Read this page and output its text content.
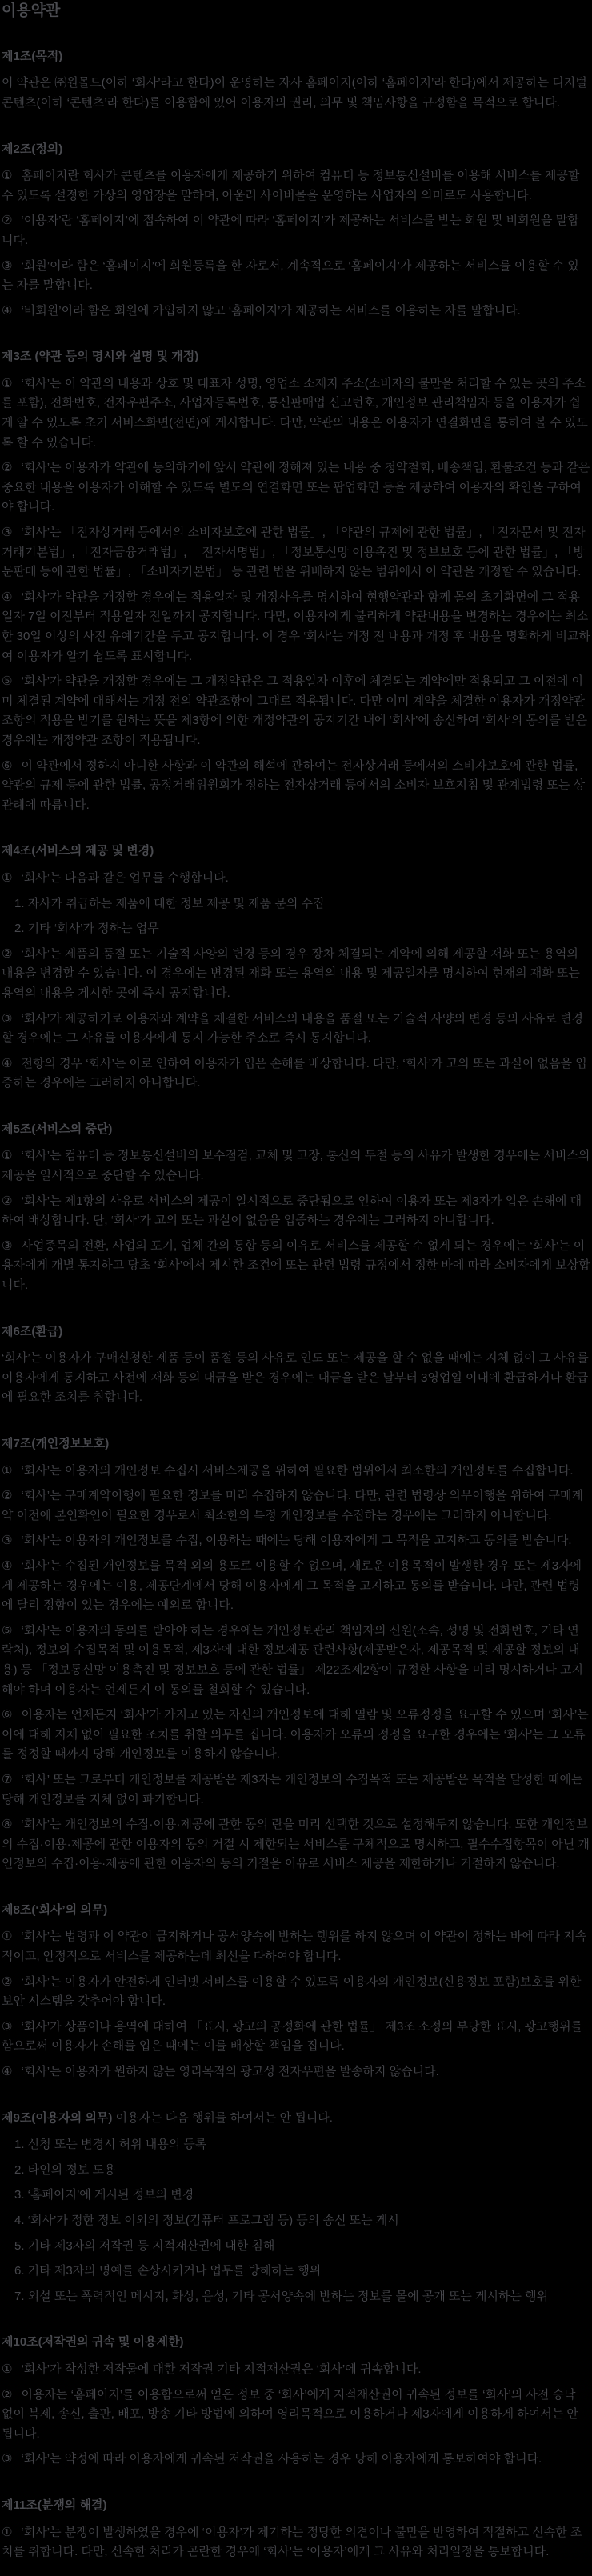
이용약관
제1조(목적)

이 약관은 ㈜원몰드(이하 ‘회사’라고 한다)이 운영하는 자사 홈페이지(이하 ‘홈페이지’라 한다)에서 제공하는 디지털 콘텐츠(이하 ‘콘텐츠’라 한다)를 이용함에 있어 이용자의 권리, 의무 및 책임사항을 규정함을 목적으로 합니다.

제2조(정의)

① 홈페이지란 회사가 콘텐츠를 이용자에게 제공하기 위하여 컴퓨터 등 정보통신설비를 이용해 서비스를 제공할 수 있도록 설정한 가상의 영업장을 말하며, 아울러 사이버몰을 운영하는 사업자의 의미로도 사용합니다.

② ‘이용자’란 ‘홈페이지’에 접속하여 이 약관에 따라 ‘홈페이지’가 제공하는 서비스를 받는 회원 및 비회원을 말합니다.

③ ‘회원’이라 함은 ‘홈페이지’에 회원등록을 한 자로서, 계속적으로 ‘홈페이지’가 제공하는 서비스를 이용할 수 있는 자를 말합니다.

④ ‘비회원’이라 함은 회원에 가입하지 않고 ‘홈페이지’가 제공하는 서비스를 이용하는 자를 말합니다.

제3조 (약관 등의 명시와 설명 및 개정)

① ‘회사’는 이 약관의 내용과 상호 및 대표자 성명, 영업소 소재지 주소(소비자의 불만을 처리할 수 있는 곳의 주소를 포함), 전화번호, 전자우편주소, 사업자등록번호, 통신판매업 신고번호, 개인정보 관리책임자 등을 이용자가 쉽게 알 수 있도록 초기 서비스화면(전면)에 게시합니다. 다만, 약관의 내용은 이용자가 연결화면을 통하여 볼 수 있도록 할 수 있습니다.

② ‘회사’는 이용자가 약관에 동의하기에 앞서 약관에 정해져 있는 내용 중 청약철회, 배송책임, 환불조건 등과 같은 중요한 내용을 이용자가 이해할 수 있도록 별도의 연결화면 또는 팝업화면 등을 제공하여 이용자의 확인을 구하여야 합니다.

③ ‘회사’는 「전자상거래 등에서의 소비자보호에 관한 법률」, 「약관의 규제에 관한 법률」, 「전자문서 및 전자거래기본법」, 「전자금융거래법」, 「전자서명법」, 「정보통신망 이용촉진 및 정보보호 등에 관한 법률」, 「방문판매 등에 관한 법률」, 「소비자기본법」 등 관련 법을 위배하지 않는 범위에서 이 약관을 개정할 수 있습니다.

④ ‘회사’가 약관을 개정할 경우에는 적용일자 및 개정사유를 명시하여 현행약관과 함께 몰의 초기화면에 그 적용일자 7일 이전부터 적용일자 전일까지 공지합니다. 다만, 이용자에게 불리하게 약관내용을 변경하는 경우에는 최소한 30일 이상의 사전 유예기간을 두고 공지합니다. 이 경우 ‘회사’는 개정 전 내용과 개정 후 내용을 명확하게 비교하여 이용자가 알기 쉽도록 표시합니다.

⑤ ‘회사’가 약관을 개정할 경우에는 그 개정약관은 그 적용일자 이후에 체결되는 계약에만 적용되고 그 이전에 이미 체결된 계약에 대해서는 개정 전의 약관조항이 그대로 적용됩니다. 다만 이미 계약을 체결한 이용자가 개정약관 조항의 적용을 받기를 원하는 뜻을 제3항에 의한 개정약관의 공지기간 내에 ‘회사’에 송신하여 ‘회사’의 동의를 받은 경우에는 개정약관 조항이 적용됩니다.

⑥ 이 약관에서 정하지 아니한 사항과 이 약관의 해석에 관하여는 전자상거래 등에서의 소비자보호에 관한 법률, 약관의 규제 등에 관한 법률, 공정거래위원회가 정하는 전자상거래 등에서의 소비자 보호지침 및 관계법령 또는 상관례에 따릅니다.

제4조(서비스의 제공 및 변경)

① ‘회사’는 다음과 같은 업무를 수행합니다.

1. 자사가 취급하는 제품에 대한 정보 제공 및 제품 문의 수집

2. 기타 ‘회사’가 정하는 업무

② ‘회사’는 제품의 품절 또는 기술적 사양의 변경 등의 경우 장차 체결되는 계약에 의해 제공할 재화 또는 용역의 내용을 변경할 수 있습니다. 이 경우에는 변경된 재화 또는 용역의 내용 및 제공일자를 명시하여 현재의 재화 또는 용역의 내용을 게시한 곳에 즉시 공지합니다.

③ ‘회사’가 제공하기로 이용자와 계약을 체결한 서비스의 내용을 품절 또는 기술적 사양의 변경 등의 사유로 변경할 경우에는 그 사유를 이용자에게 통지 가능한 주소로 즉시 통지합니다.

④ 전항의 경우 ‘회사’는 이로 인하여 이용자가 입은 손해를 배상합니다. 다만, ‘회사’가 고의 또는 과실이 없음을 입증하는 경우에는 그러하지 아니합니다.

제5조(서비스의 중단)

① ‘회사’는 컴퓨터 등 정보통신설비의 보수점검, 교체 및 고장, 통신의 두절 등의 사유가 발생한 경우에는 서비스의 제공을 일시적으로 중단할 수 있습니다.

② ‘회사’는 제1항의 사유로 서비스의 제공이 일시적으로 중단됨으로 인하여 이용자 또는 제3자가 입은 손해에 대하여 배상합니다. 단, ‘회사’가 고의 또는 과실이 없음을 입증하는 경우에는 그러하지 아니합니다.

③ 사업종목의 전환, 사업의 포기, 업체 간의 통합 등의 이유로 서비스를 제공할 수 없게 되는 경우에는 ‘회사’는 이용자에게 개별 통지하고 당초 ‘회사’에서 제시한 조건에 또는 관련 법령 규정에서 정한 바에 따라 소비자에게 보상합니다.

제6조(환급)

‘회사’는 이용자가 구매신청한 제품 등이 품절 등의 사유로 인도 또는 제공을 할 수 없을 때에는 지체 없이 그 사유를 이용자에게 통지하고 사전에 재화 등의 대금을 받은 경우에는 대금을 받은 날부터 3영업일 이내에 환급하거나 환급에 필요한 조치를 취합니다.

제7조(개인정보보호)

① ‘회사’는 이용자의 개인정보 수집시 서비스제공을 위하여 필요한 범위에서 최소한의 개인정보를 수집합니다.

② ‘회사’는 구매계약이행에 필요한 정보를 미리 수집하지 않습니다. 다만, 관련 법령상 의무이행을 위하여 구매계약 이전에 본인확인이 필요한 경우로서 최소한의 특정 개인정보를 수집하는 경우에는 그러하지 아니합니다.

③ ‘회사’는 이용자의 개인정보를 수집, 이용하는 때에는 당해 이용자에게 그 목적을 고지하고 동의를 받습니다.

④ ‘회사’는 수집된 개인정보를 목적 외의 용도로 이용할 수 없으며, 새로운 이용목적이 발생한 경우 또는 제3자에게 제공하는 경우에는 이용, 제공단계에서 당해 이용자에게 그 목적을 고지하고 동의를 받습니다. 다만, 관련 법령에 달리 정함이 있는 경우에는 예외로 합니다.

⑤ ‘회사’는 이용자의 동의를 받아야 하는 경우에는 개인정보관리 책임자의 신원(소속, 성명 및 전화번호, 기타 연락처), 정보의 수집목적 및 이용목적, 제3자에 대한 정보제공 관련사항(제공받은자, 제공목적 및 제공할 정보의 내용) 등 「정보통신망 이용촉진 및 정보보호 등에 관한 법률」 제22조제2항이 규정한 사항을 미리 명시하거나 고지해야 하며 이용자는 언제든지 이 동의를 철회할 수 있습니다.

⑥ 이용자는 언제든지 ‘회사’가 가지고 있는 자신의 개인정보에 대해 열람 및 오류정정을 요구할 수 있으며 ‘회사’는 이에 대해 지체 없이 필요한 조치를 취할 의무를 집니다. 이용자가 오류의 정정을 요구한 경우에는 ‘회사’는 그 오류를 정정할 때까지 당해 개인정보를 이용하지 않습니다.

⑦ ‘회사’ 또는 그로부터 개인정보를 제공받은 제3자는 개인정보의 수집목적 또는 제공받은 목적을 달성한 때에는 당해 개인정보를 지체 없이 파기합니다.

⑧ ‘회사’는 개인정보의 수집·이용·제공에 관한 동의 란을 미리 선택한 것으로 설정해두지 않습니다. 또한 개인정보의 수집·이용·제공에 관한 이용자의 동의 거절 시 제한되는 서비스를 구체적으로 명시하고, 필수수집항목이 아닌 개인정보의 수집·이용·제공에 관한 이용자의 동의 거절을 이유로 서비스 제공을 제한하거나 거절하지 않습니다.

제8조(‘회사’의 의무)

① ‘회사’는 법령과 이 약관이 금지하거나 공서양속에 반하는 행위를 하지 않으며 이 약관이 정하는 바에 따라 지속적이고, 안정적으로 서비스를 제공하는데 최선을 다하여야 합니다.

② ‘회사’는 이용자가 안전하게 인터넷 서비스를 이용할 수 있도록 이용자의 개인정보(신용정보 포함)보호를 위한 보안 시스템을 갖추어야 합니다.

③ ‘회사’가 상품이나 용역에 대하여 「표시, 광고의 공정화에 관한 법률」 제3조 소정의 부당한 표시, 광고행위를 함으로써 이용자가 손해를 입은 때에는 이를 배상할 책임을 집니다.

④ ‘회사’는 이용자가 원하지 않는 영리목적의 광고성 전자우편을 발송하지 않습니다.

제9조(이용자의 의무) 이용자는 다음 행위를 하여서는 안 됩니다.

1. 신청 또는 변경시 허위 내용의 등록

2. 타인의 정보 도용

3. ‘홈페이지’에 게시된 정보의 변경

4. ‘회사’가 정한 정보 이외의 정보(컴퓨터 프로그램 등) 등의 송신 또는 게시

5. 기타 제3자의 저작권 등 지적재산권에 대한 침해

6. 기타 제3자의 명예를 손상시키거나 업무를 방해하는 행위

7. 외설 또는 폭력적인 메시지, 화상, 음성, 기타 공서양속에 반하는 정보를 몰에 공개 또는 게시하는 행위

제10조(저작권의 귀속 및 이용제한)

① ‘회사’가 작성한 저작물에 대한 저작권 기타 지적재산권은 ‘회사’에 귀속합니다.

② 이용자는 ‘홈페이지’를 이용함으로써 얻은 정보 중 ‘회사’에게 지적재산권이 귀속된 정보를 ‘회사’의 사전 승낙 없이 복제, 송신, 출판, 배포, 방송 기타 방법에 의하여 영리목적으로 이용하거나 제3자에게 이용하게 하여서는 안 됩니다.

③ ‘회사’는 약정에 따라 이용자에게 귀속된 저작권을 사용하는 경우 당해 이용자에게 통보하여야 합니다.

제11조(분쟁의 해결)

① ‘회사’는 분쟁이 발생하였을 경우에 ‘이용자’가 제기하는 정당한 의견이나 불만을 반영하여 적절하고 신속한 조치를 취합니다. 다만, 신속한 처리가 곤란한 경우에 ‘회사’는 ‘이용자’에게 그 사유와 처리일정을 통보합니다.
